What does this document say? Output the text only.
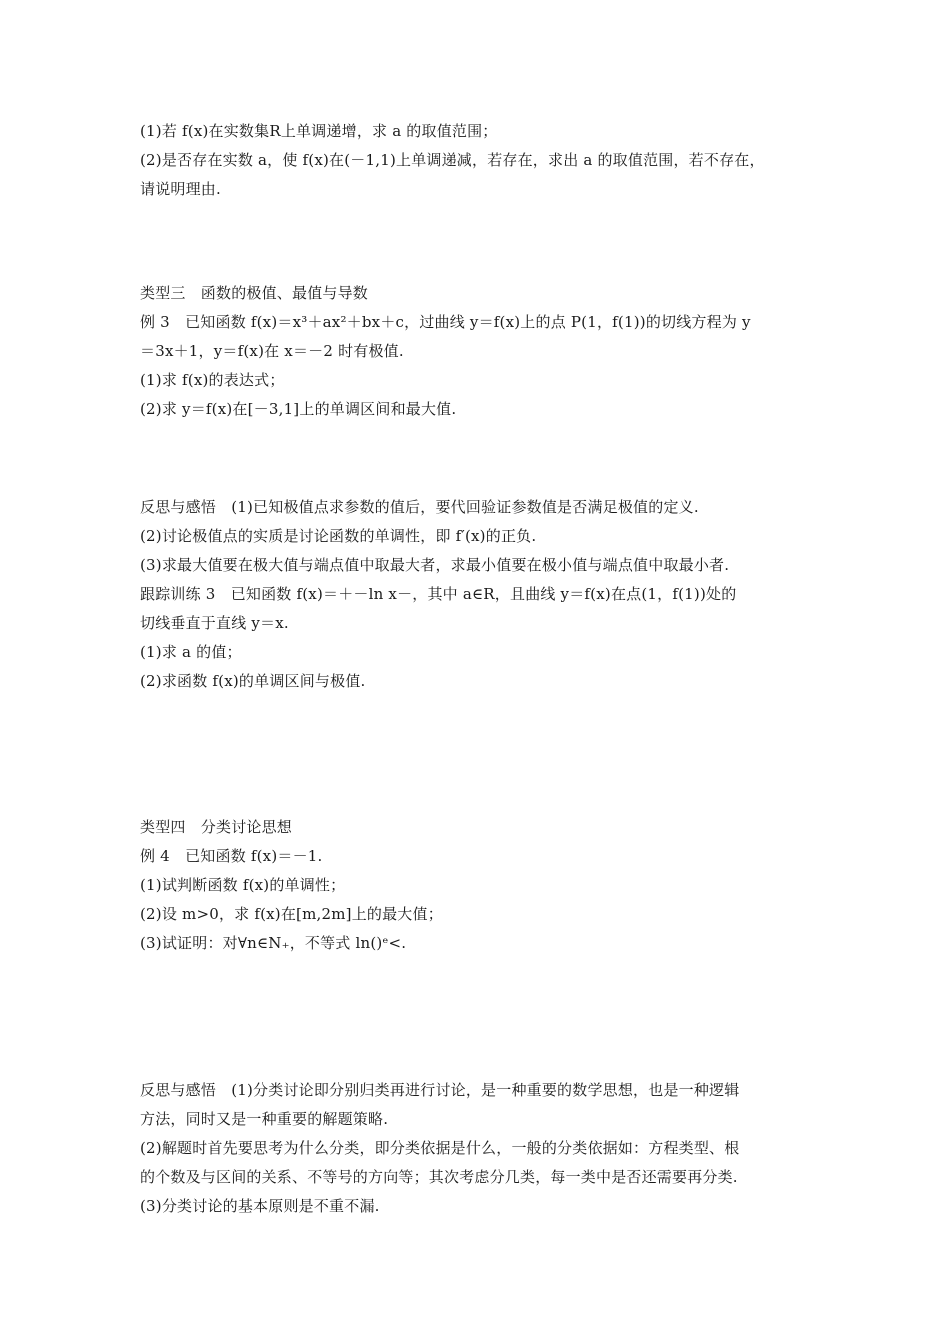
(1)若 f(x)在实数集R上单调递增，求 a 的取值范围；
(2)是否存在实数 a，使 f(x)在(－1,1)上单调递减，若存在，求出 a 的取值范围，若不存在，
请说明理由.
类型三　函数的极值、最值与导数
例 3　已知函数 f(x)＝x³＋ax²＋bx＋c，过曲线 y＝f(x)上的点 P(1，f(1))的切线方程为 y
＝3x＋1，y＝f(x)在 x＝－2 时有极值.
(1)求 f(x)的表达式；
(2)求 y＝f(x)在[－3,1]上的单调区间和最大值.
反思与感悟　(1)已知极值点求参数的值后，要代回验证参数值是否满足极值的定义.
(2)讨论极值点的实质是讨论函数的单调性，即 f′(x)的正负.
(3)求最大值要在极大值与端点值中取最大者，求最小值要在极小值与端点值中取最小者.
跟踪训练 3　已知函数 f(x)＝＋－ln x－，其中 a∈R，且曲线 y＝f(x)在点(1，f(1))处的
切线垂直于直线 y＝x.
(1)求 a 的值；
(2)求函数 f(x)的单调区间与极值.
类型四　分类讨论思想
例 4　已知函数 f(x)＝－1.
(1)试判断函数 f(x)的单调性；
(2)设 m>0，求 f(x)在[m,2m]上的最大值；
(3)试证明：对∀n∈N₊，不等式 ln()ᵉ<.
反思与感悟　(1)分类讨论即分别归类再进行讨论，是一种重要的数学思想，也是一种逻辑
方法，同时又是一种重要的解题策略.
(2)解题时首先要思考为什么分类，即分类依据是什么，一般的分类依据如：方程类型、根
的个数及与区间的关系、不等号的方向等；其次考虑分几类，每一类中是否还需要再分类.
(3)分类讨论的基本原则是不重不漏.
